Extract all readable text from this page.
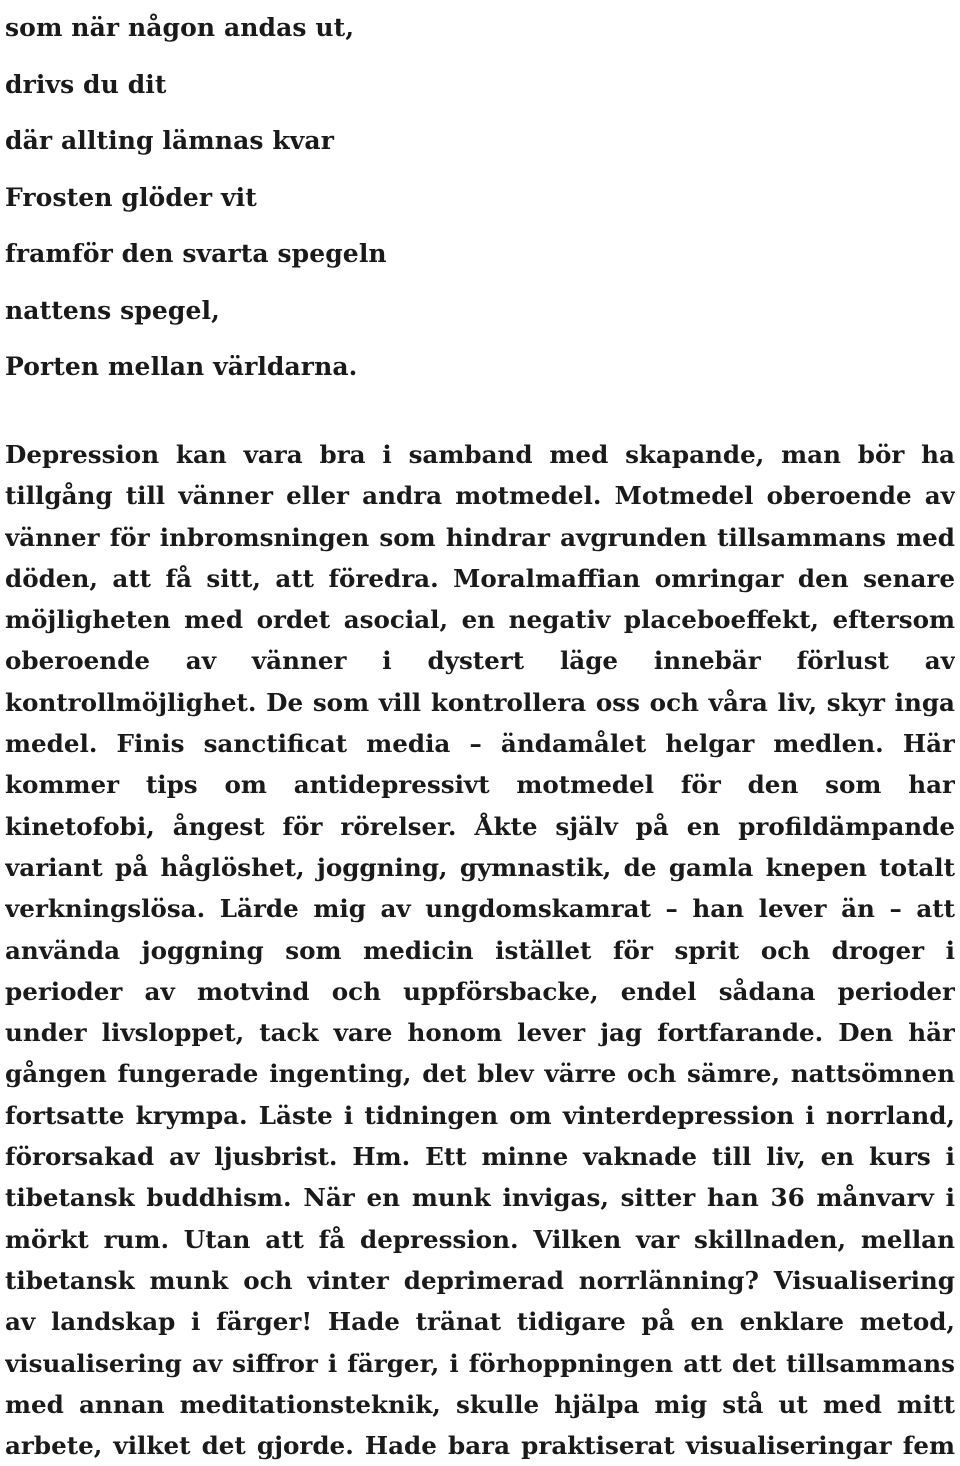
som när någon andas ut,
drivs du dit
där allting lämnas kvar
Frosten glöder vit
framför den svarta spegeln
nattens spegel,
Porten mellan världarna.
Depression kan vara bra i samband med skapande, man bör ha
tillgång till vänner eller andra motmedel. Motmedel oberoende av
vänner för inbromsningen som hindrar avgrunden tillsammans med
döden, att få sitt, att föredra. Moralmaffian omringar den senare
möjligheten med ordet asocial, en negativ placeboeffekt, eftersom
oberoende av vänner i dystert läge innebär förlust av
kontrollmöjlighet. De som vill kontrollera oss och våra liv, skyr inga
medel. Finis sanctificat media – ändamålet helgar medlen. Här
kommer tips om antidepressivt motmedel för den som har
kinetofobi, ångest för rörelser. Åkte själv på en profildämpande
variant på håglöshet, joggning, gymnastik, de gamla knepen totalt
verkningslösa. Lärde mig av ungdomskamrat – han lever än – att
använda joggning som medicin istället för sprit och droger i
perioder av motvind och uppförsbacke, endel sådana perioder
under livsloppet, tack vare honom lever jag fortfarande. Den här
gången fungerade ingenting, det blev värre och sämre, nattsömnen
fortsatte krympa. Läste i tidningen om vinterdepression i norrland,
förorsakad av ljusbrist. Hm. Ett minne vaknade till liv, en kurs i
tibetansk buddhism. När en munk invigas, sitter han 36 månvarv i
mörkt rum. Utan att få depression. Vilken var skillnaden, mellan
tibetansk munk och vinter deprimerad norrlänning? Visualisering
av landskap i färger! Hade tränat tidigare på en enklare metod,
visualisering av siffror i färger, i förhoppningen att det tillsammans
med annan meditationsteknik, skulle hjälpa mig stå ut med mitt
arbete, vilket det gjorde. Hade bara praktiserat visualiseringar fem
